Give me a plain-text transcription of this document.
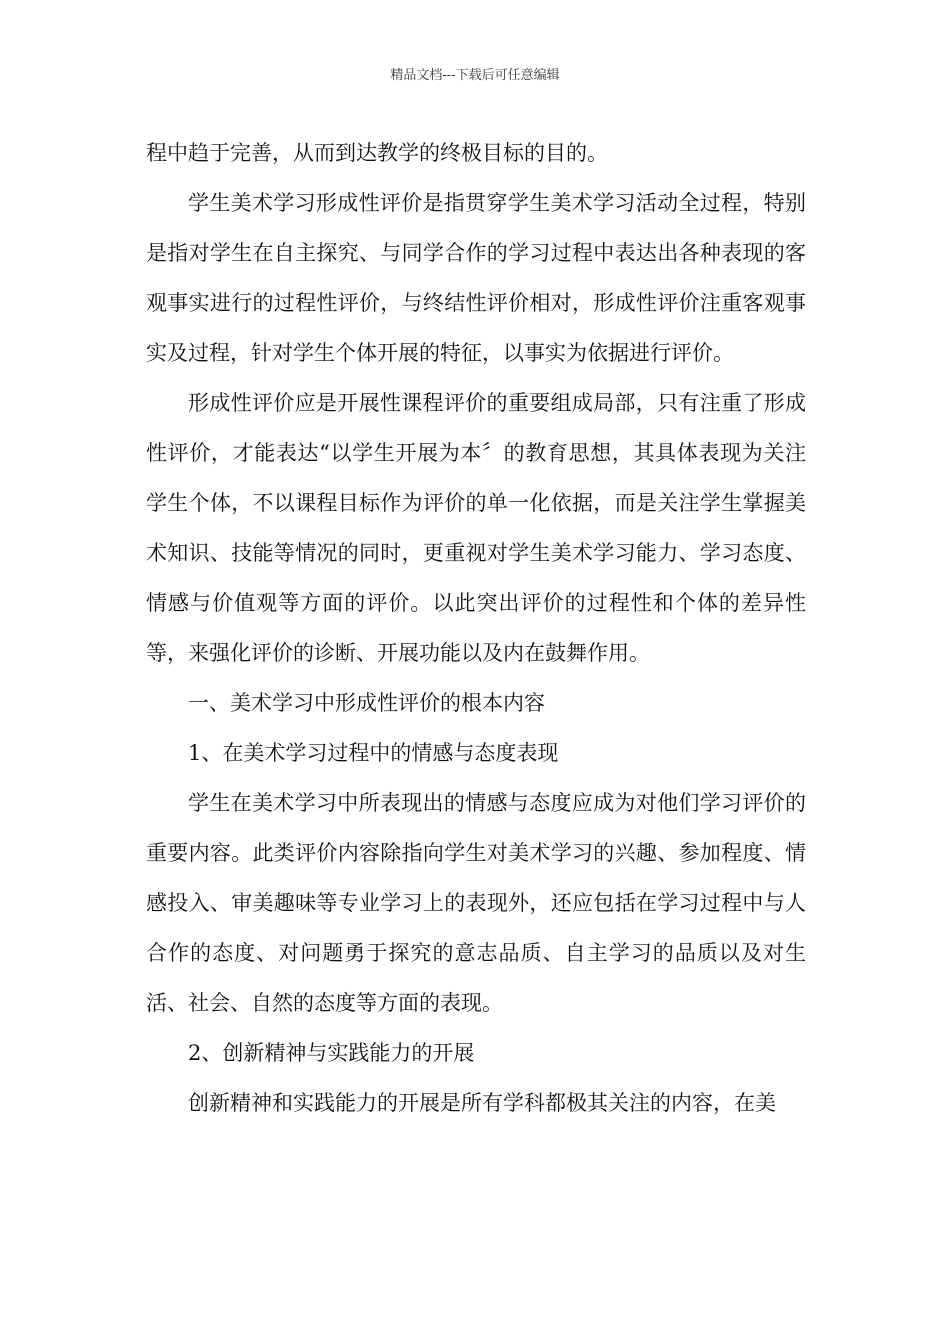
精品文档---下载后可任意编辑

程中趋于完善，从而到达教学的终极目标的目的。

学生美术学习形成性评价是指贯穿学生美术学习活动全过程，特别是指对学生在自主探究、与同学合作的学习过程中表达出各种表现的客观事实进行的过程性评价，与终结性评价相对，形成性评价注重客观事实及过程，针对学生个体开展的特征，以事实为依据进行评价。

形成性评价应是开展性课程评价的重要组成局部，只有注重了形成性评价，才能表达“以学生开展为本〞的教育思想，其具体表现为关注学生个体，不以课程目标作为评价的单一化依据，而是关注学生掌握美术知识、技能等情况的同时，更重视对学生美术学习能力、学习态度、情感与价值观等方面的评价。以此突出评价的过程性和个体的差异性等，来强化评价的诊断、开展功能以及内在鼓舞作用。

一、美术学习中形成性评价的根本内容

1、在美术学习过程中的情感与态度表现

学生在美术学习中所表现出的情感与态度应成为对他们学习评价的重要内容。此类评价内容除指向学生对美术学习的兴趣、参加程度、情感投入、审美趣味等专业学习上的表现外，还应包括在学习过程中与人合作的态度、对问题勇于探究的意志品质、自主学习的品质以及对生活、社会、自然的态度等方面的表现。

2、创新精神与实践能力的开展

创新精神和实践能力的开展是所有学科都极其关注的内容，在美
